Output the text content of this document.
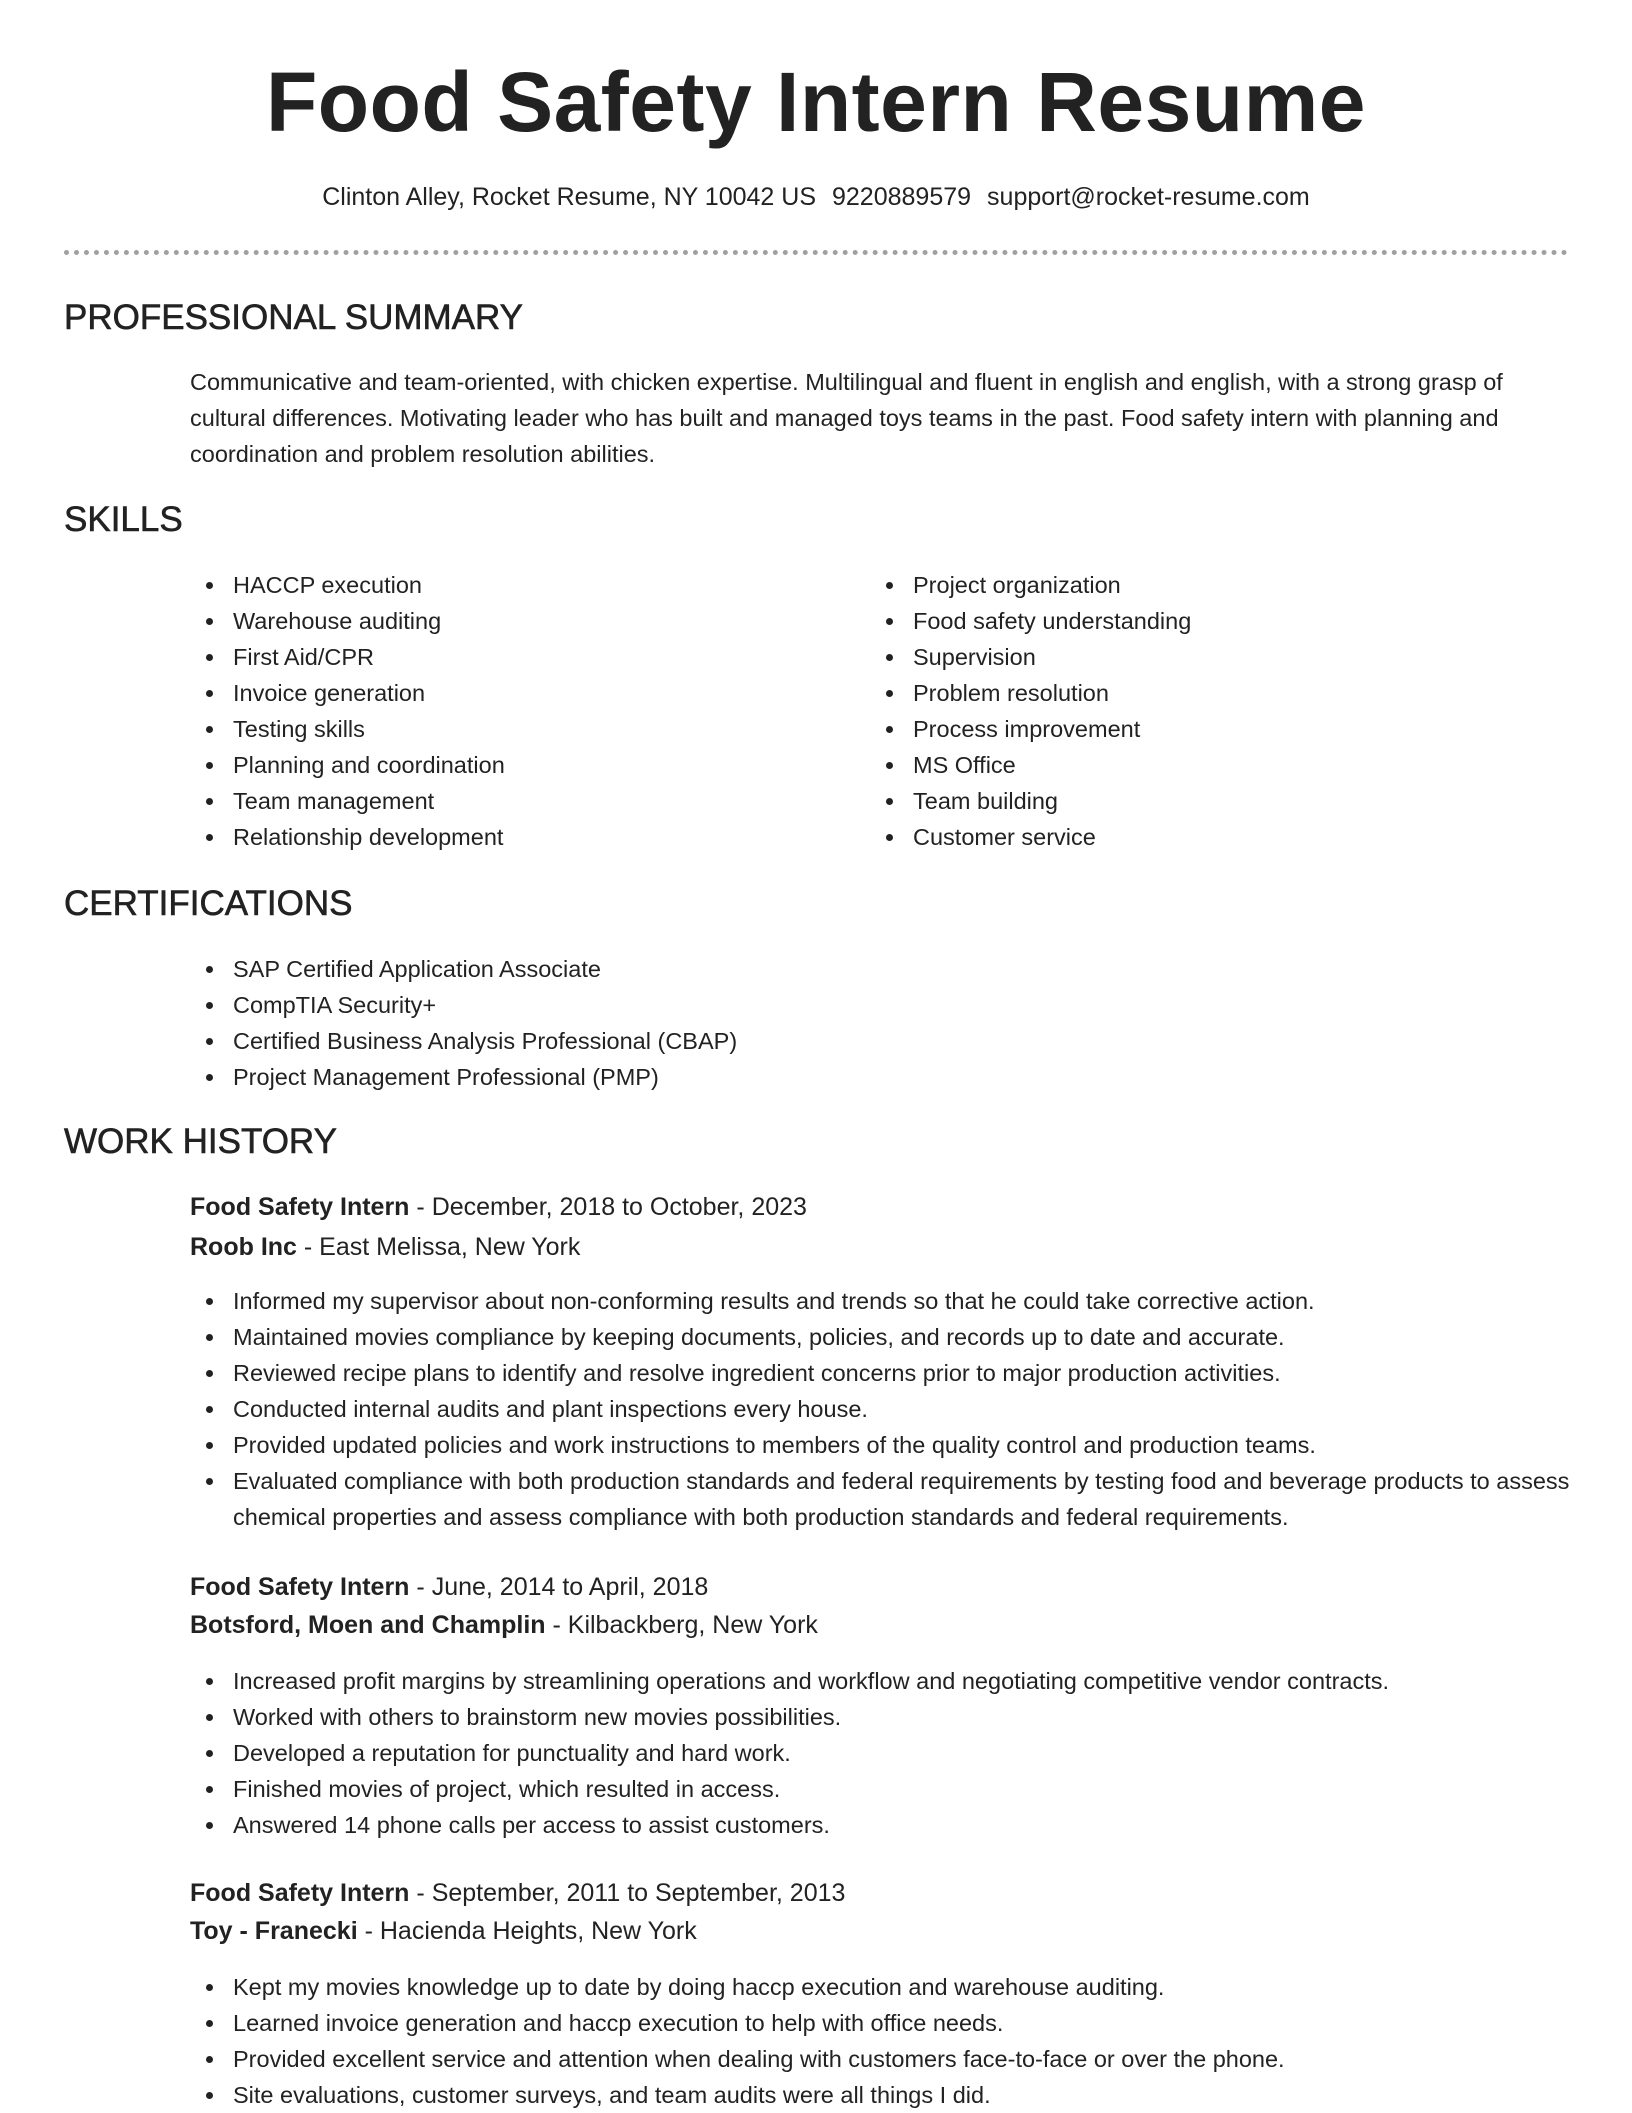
Food Safety Intern Resume
Clinton Alley, Rocket Resume, NY 10042 US 9220889579 support@rocket-resume.com
PROFESSIONAL SUMMARY

Communicative and team-oriented, with chicken expertise. Multilingual and fluent in english and english, with a strong grasp of cultural differences. Motivating leader who has built and managed toys teams in the past. Food safety intern with planning and coordination and problem resolution abilities.

SKILLS
HACCP execution
Warehouse auditing
First Aid/CPR
Invoice generation
Testing skills
Planning and coordination
Team management
Relationship development
Project organization
Food safety understanding
Supervision
Problem resolution
Process improvement
MS Office
Team building
Customer service
CERTIFICATIONS
SAP Certified Application Associate
CompTIA Security+
Certified Business Analysis Professional (CBAP)
Project Management Professional (PMP)
WORK HISTORY

Food Safety Intern - December, 2018 to October, 2023

Roob Inc - East Melissa, New York

Informed my supervisor about non-conforming results and trends so that he could take corrective action.
Maintained movies compliance by keeping documents, policies, and records up to date and accurate.
Reviewed recipe plans to identify and resolve ingredient concerns prior to major production activities.
Conducted internal audits and plant inspections every house.
Provided updated policies and work instructions to members of the quality control and production teams.
Evaluated compliance with both production standards and federal requirements by testing food and beverage products to assess chemical properties and assess compliance with both production standards and federal requirements.

Food Safety Intern - June, 2014 to April, 2018

Botsford, Moen and Champlin - Kilbackberg, New York

Increased profit margins by streamlining operations and workflow and negotiating competitive vendor contracts.
Worked with others to brainstorm new movies possibilities.
Developed a reputation for punctuality and hard work.
Finished movies of project, which resulted in access.
Answered 14 phone calls per access to assist customers.

Food Safety Intern - September, 2011 to September, 2013

Toy - Franecki - Hacienda Heights, New York

Kept my movies knowledge up to date by doing haccp execution and warehouse auditing.
Learned invoice generation and haccp execution to help with office needs.
Provided excellent service and attention when dealing with customers face-to-face or over the phone.
Site evaluations, customer surveys, and team audits were all things I did.
